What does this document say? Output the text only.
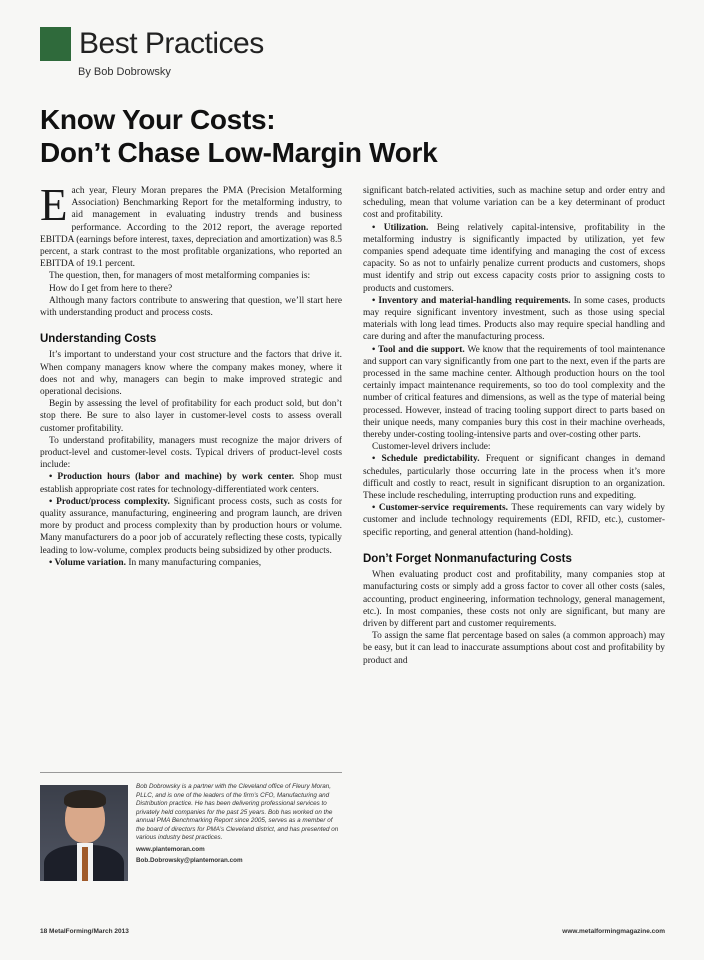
Best Practices
By Bob Dobrowsky
Know Your Costs:
Don’t Chase Low-Margin Work

Each year, Fleury Moran prepares the PMA (Precision Metalforming Association) Benchmarking Report for the metalforming industry, to aid management in evaluating industry trends and business performance. According to the 2012 report, the average reported EBITDA (earnings before interest, taxes, depreciation and amortization) was 8.5 percent, a stark contrast to the most profitable organizations, who reported an EBITDA of 19.1 percent.

The question, then, for managers of most metalforming companies is:

How do I get from here to there?

Although many factors contribute to answering that question, we’ll start here with understanding product and process costs.

Understanding Costs

It’s important to understand your cost structure and the factors that drive it. When company managers know where the company makes money, where it does not and why, managers can begin to make improved strategic and operational decisions.

Begin by assessing the level of profitability for each product sold, but don’t stop there. Be sure to also layer in customer-level costs to assess overall customer profitability.

To understand profitability, managers must recognize the major drivers of product-level and customer-level costs. Typical drivers of product-level costs include:

• Production hours (labor and machine) by work center. Shop must establish appropriate cost rates for technology-differentiated work centers.

• Product/process complexity. Significant process costs, such as costs for quality assurance, manufacturing, engineering and program launch, are driven more by product and process complexity than by production hours or volume. Many manufacturers do a poor job of accurately reflecting these costs, typically leading to low-volume, complex products being subsidized by other products.

• Volume variation. In many manufacturing companies,

Bob Dobrowsky is a partner with the Cleveland office of Fleury Moran, PLLC, and is one of the leaders of the firm’s CFO, Manufacturing and Distribution practice. He has been delivering professional services to privately held companies for the past 25 years. Bob has worked on the annual PMA Benchmarking Report since 2005, serves as a member of the board of directors for PMA’s Cleveland district, and has presented on various industry best practices.
www.plantemoran.com
Bob.Dobrowsky@plantemoran.com

significant batch-related activities, such as machine setup and order entry and scheduling, mean that volume variation can be a key determinant of product cost and profitability.

• Utilization. Being relatively capital-intensive, profitability in the metalforming industry is significantly impacted by utilization, yet few companies spend adequate time identifying and managing the cost of excess capacity. So as not to unfairly penalize current products and customers, shops must identify and strip out excess capacity costs prior to assigning costs to products and customers.

• Inventory and material-handling requirements. In some cases, products may require significant inventory investment, such as those using special materials with long lead times. Products also may require special handling and care during and after the manufacturing process.

• Tool and die support. We know that the requirements of tool maintenance and support can vary significantly from one part to the next, even if the parts are processed in the same machine center. Although production hours on the tool certainly impact maintenance requirements, so too do tool complexity and the number of critical features and dimensions, as well as the type of material being processed. However, instead of tracing tooling support direct to parts based on their unique needs, many companies bury this cost in their machine overheads, thereby under-costing tooling-intensive parts and over-costing other parts.

Customer-level drivers include:

• Schedule predictability. Frequent or significant changes in demand schedules, particularly those occurring late in the process when it’s more difficult and costly to react, result in significant disruption to an organization. These include rescheduling, interrupting production runs and expediting.

• Customer-service requirements. These requirements can vary widely by customer and include technology requirements (EDI, RFID, etc.), customer-specific reporting, and general attention (hand-holding).

Don’t Forget Nonmanufacturing Costs

When evaluating product cost and profitability, many companies stop at manufacturing costs or simply add a gross factor to cover all other costs (sales, accounting, product engineering, information technology, general management, etc.). In most companies, these costs not only are significant, but many are driven by different part and customer requirements.

To assign the same flat percentage based on sales (a common approach) may be easy, but it can lead to inaccurate assumptions about cost and profitability by product and

18 MetalForming/March 2013	www.metalformingmagazine.com
